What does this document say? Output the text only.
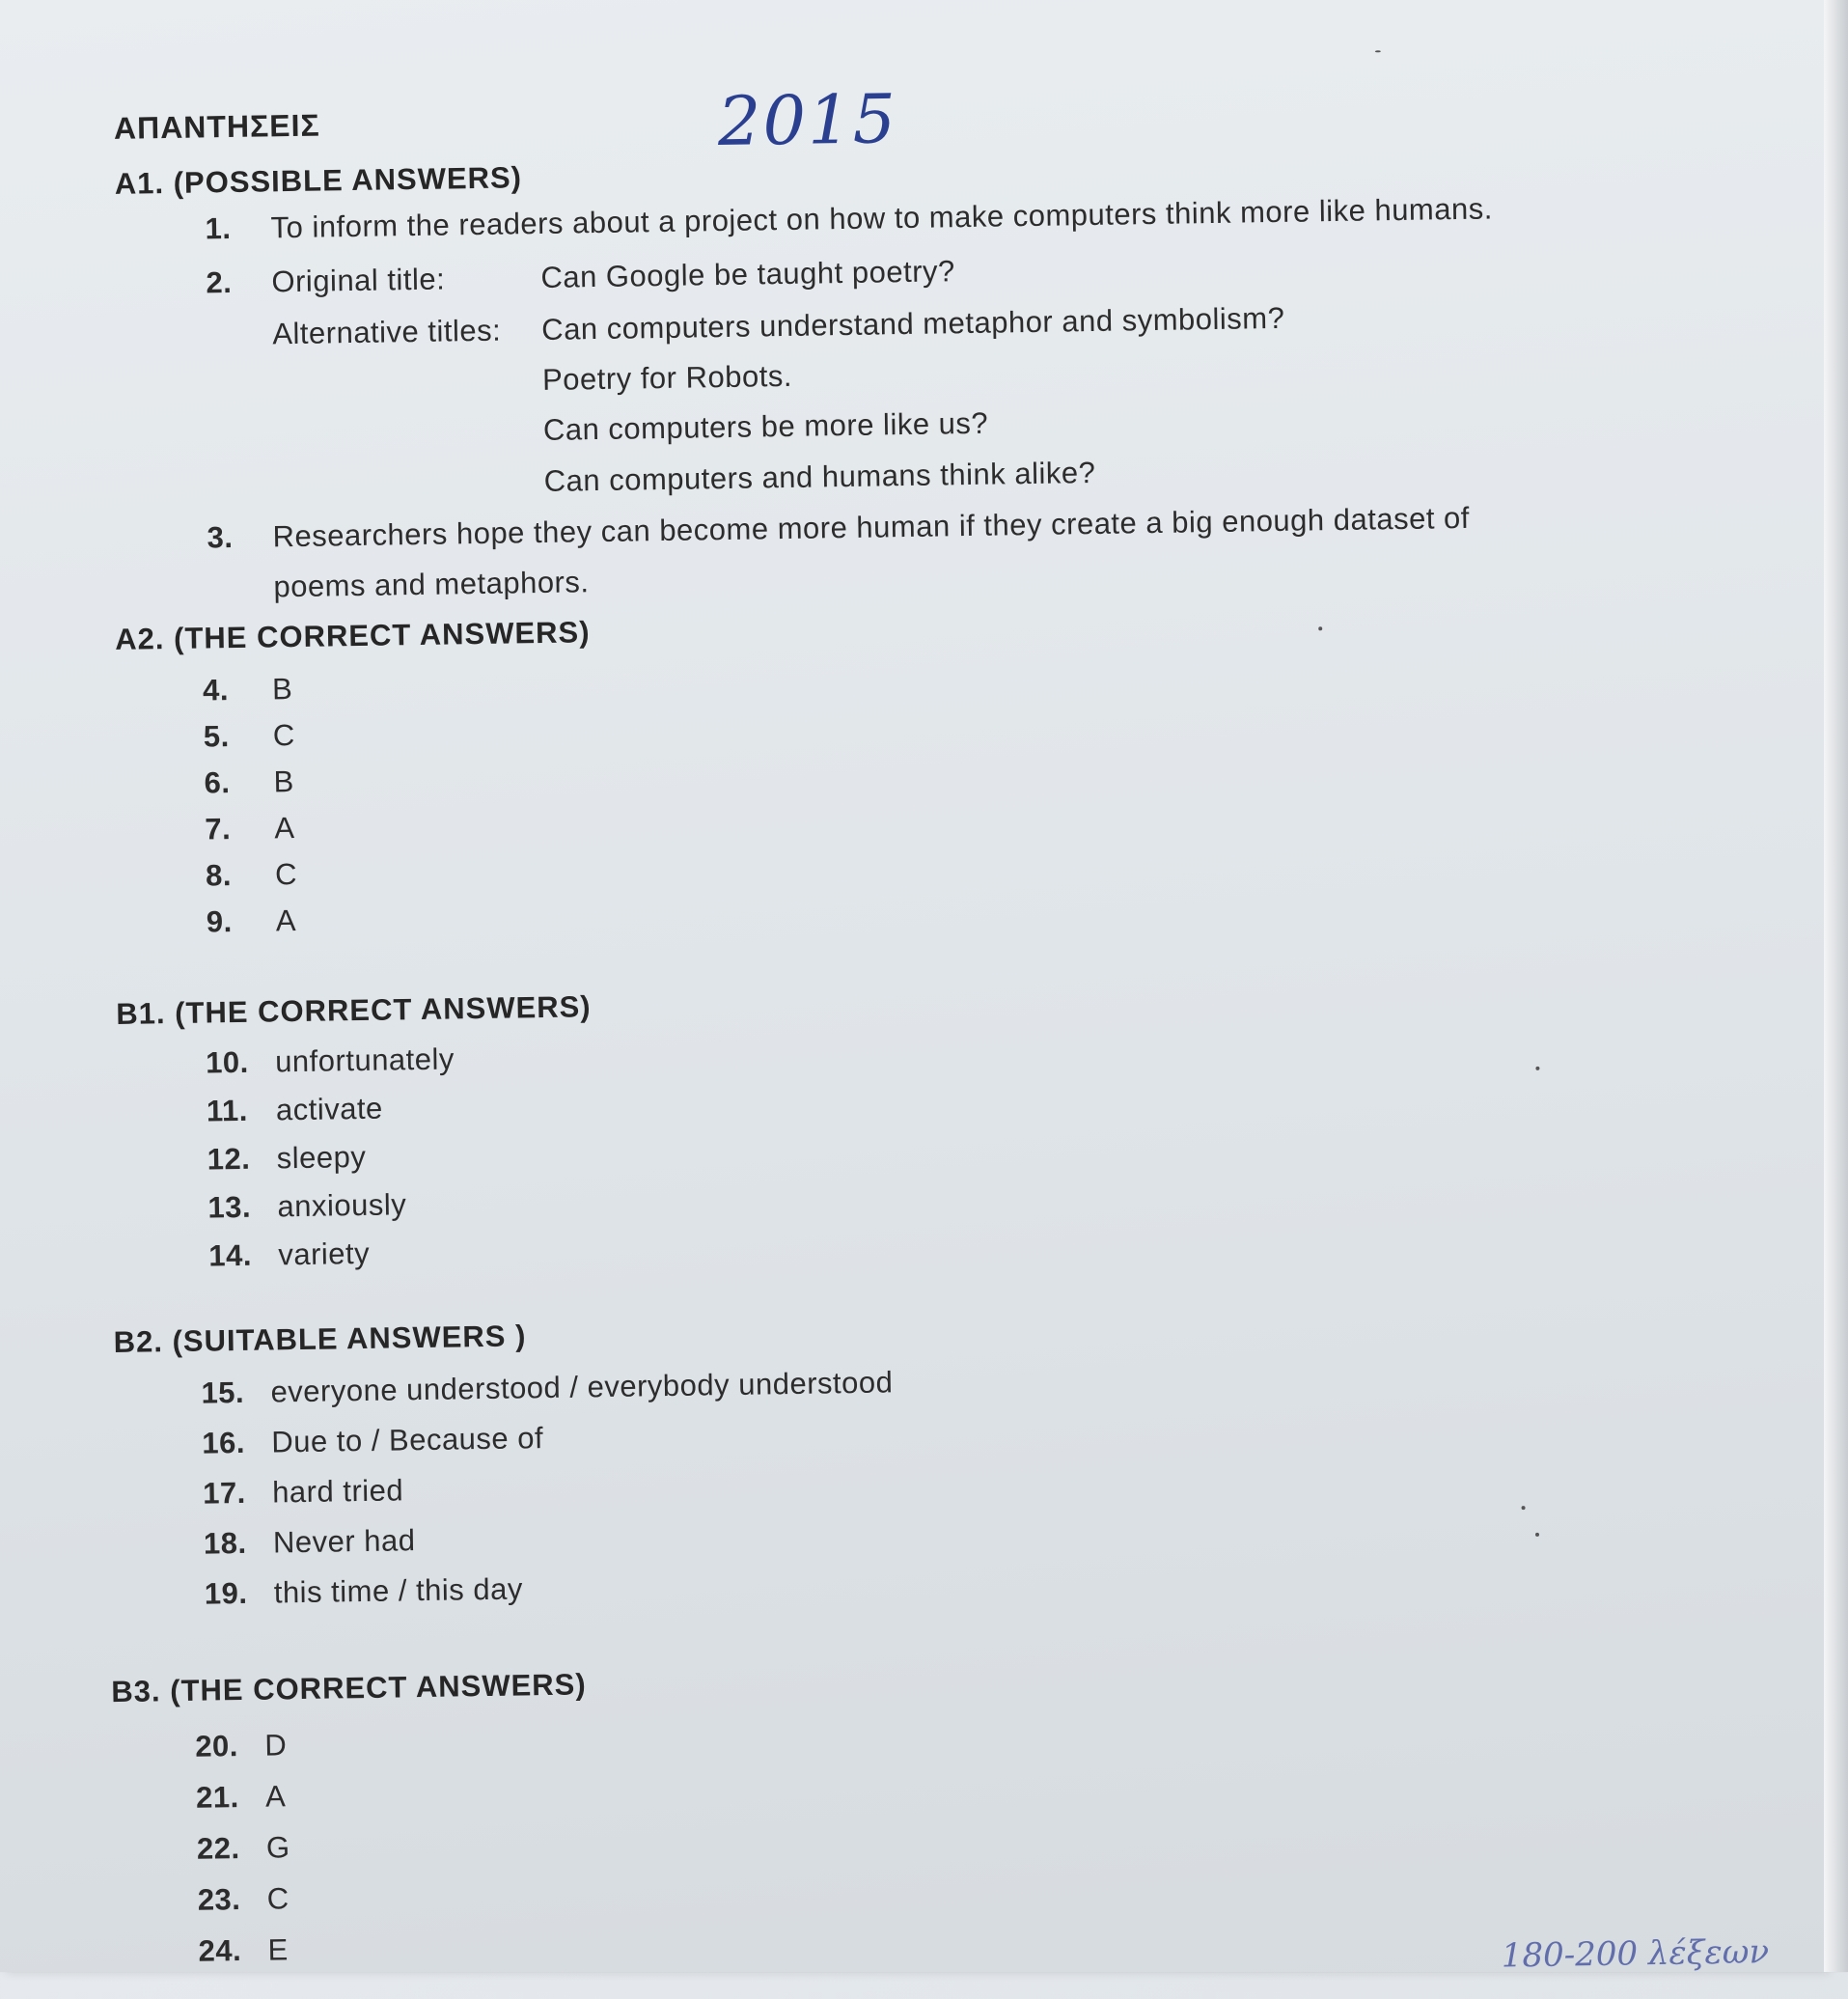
ΑΠΑΝΤΗΣΕΙΣ	2015
A1. (POSSIBLE ANSWERS)
1. To inform the readers about a project on how to make computers think more like humans.
2. Original title:	Can Google be taught poetry?
Alternative titles: Can computers understand metaphor and symbolism?
Poetry for Robots.
Can computers be more like us?
Can computers and humans think alike?
3. Researchers hope they can become more human if they create a big enough dataset of
poems and metaphors.
A2. (THE CORRECT ANSWERS)
4. B
5. C
6. B
7. A
8. C
9. A
B1. (THE CORRECT ANSWERS)
10. unfortunately
11. activate
12. sleepy
13. anxiously
14. variety
B2. (SUITABLE ANSWERS )
15. everyone understood / everybody understood
16. Due to / Because of
17. hard tried
18. Never had
19. this time / this day
B3. (THE CORRECT ANSWERS)
20. D
21. A
22. G
23. C
24. E	180-200 λέξεων
